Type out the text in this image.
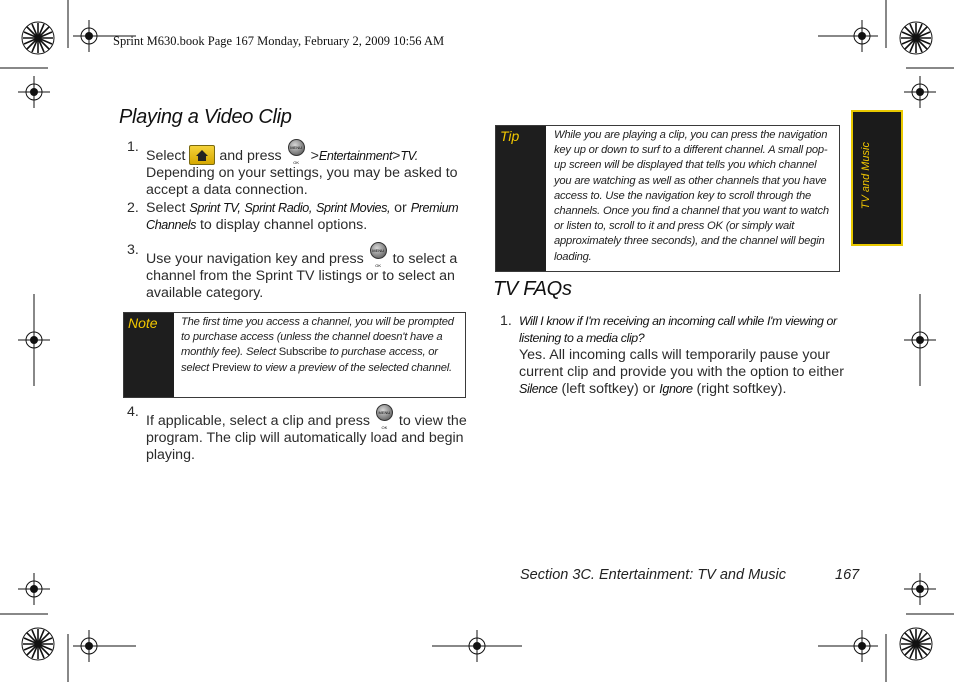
Sprint M630.book Page 167 Monday, February 2, 2009 10:56 AM
TV and Music
Playing a Video Clip
1.
Select and press MENU OK >Entertainment>TV. Depending on your settings, you may be asked to accept a data connection.
2. Select Sprint TV, Sprint Radio, Sprint Movies, or Premium Channels to display channel options.
3.
Use your navigation key and press MENU OK to select a channel from the Sprint TV listings or to select an available category.
Note The first time you access a channel, you will be prompted to purchase access (unless the channel doesn't have a monthly fee). Select Subscribe to purchase access, or select Preview to view a preview of the selected channel.
4.
If applicable, select a clip and press MENU OK to view the program. The clip will automatically load and begin playing.
Tip	While you are playing a clip, you can press the navigation key up or down to surf to a different channel. A small pop-up screen will be displayed that tells you which channel you are watching as well as other channels that you have access to. Use the navigation key to scroll through the channels. Once you find a channel that you want to watch or listen to, scroll to it and press OK (or simply wait approximately three seconds), and the channel will begin loading.
TV FAQs
1. Will I know if I'm receiving an incoming call while I'm viewing or listening to a media clip?
Yes. All incoming calls will temporarily pause your current clip and provide you with the option to either Silence (left softkey) or Ignore (right softkey).
Section 3C. Entertainment: TV and Music	167
